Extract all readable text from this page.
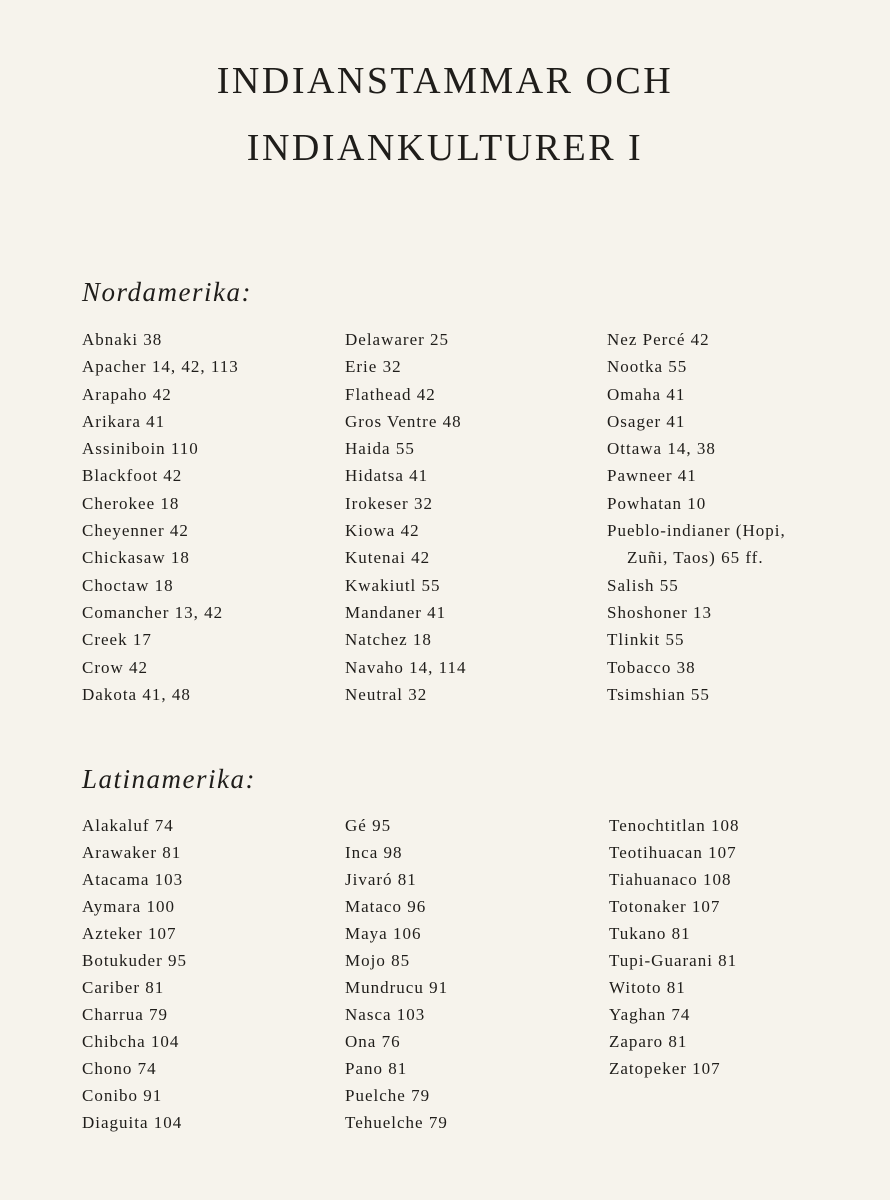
INDIANSTAMMAR OCH
INDIANKULTURER I
Nordamerika:
Abnaki 38
Apacher 14, 42, 113
Arapaho 42
Arikara 41
Assiniboin 110
Blackfoot 42
Cherokee 18
Cheyenner 42
Chickasaw 18
Choctaw 18
Comancher 13, 42
Creek 17
Crow 42
Dakota 41, 48
Delawarer 25
Erie 32
Flathead 42
Gros Ventre 48
Haida 55
Hidatsa 41
Irokeser 32
Kiowa 42
Kutenai 42
Kwakiutl 55
Mandaner 41
Natchez 18
Navaho 14, 114
Neutral 32
Nez Percé 42
Nootka 55
Omaha 41
Osager 41
Ottawa 14, 38
Pawneer 41
Powhatan 10
Pueblo-indianer (Hopi,
Zuñi, Taos) 65 ff.
Salish 55
Shoshoner 13
Tlinkit 55
Tobacco 38
Tsimshian 55
Latinamerika:
Alakaluf 74
Arawaker 81
Atacama 103
Aymara 100
Azteker 107
Botukuder 95
Cariber 81
Charrua 79
Chibcha 104
Chono 74
Conibo 91
Diaguita 104
Gé 95
Inca 98
Jivaró 81
Mataco 96
Maya 106
Mojo 85
Mundrucu 91
Nasca 103
Ona 76
Pano 81
Puelche 79
Tehuelche 79
Tenochtitlan 108
Teotihuacan 107
Tiahuanaco 108
Totonaker 107
Tukano 81
Tupi-Guarani 81
Witoto 81
Yaghan 74
Zaparo 81
Zatopeker 107
